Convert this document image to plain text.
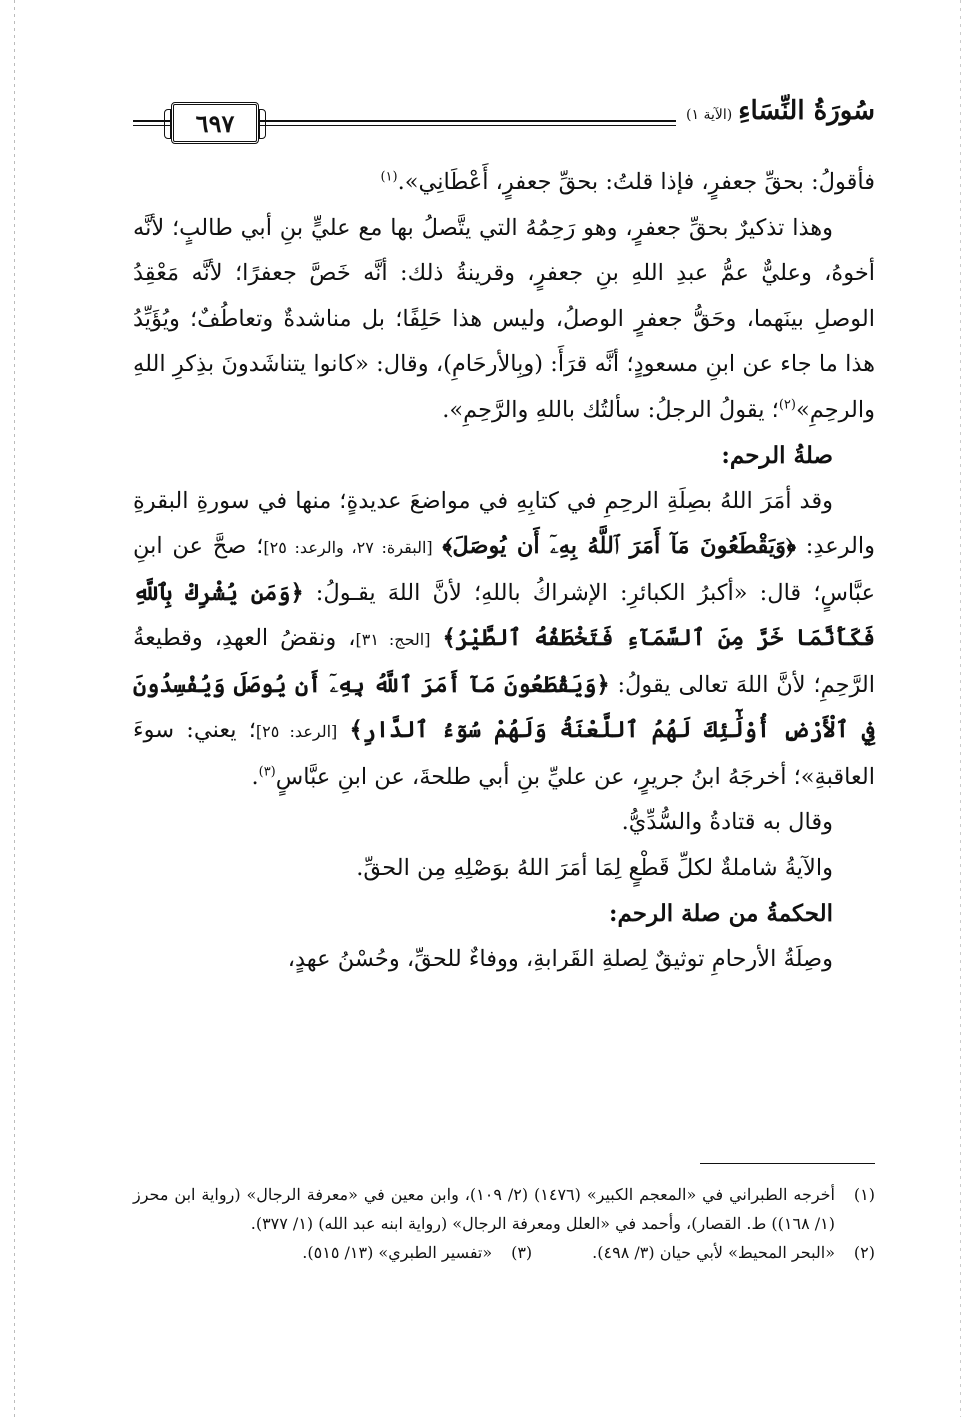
سُورَةُ النِّسَاءِ
(الآية ١)
٦٩٧

فأقولُ: بحقِّ جعفرٍ، فإذا قلتُ: بحقِّ جعفرٍ، أَعْطَانِي».$^{(١)}$

وهذا تذكيرٌ بحقِّ جعفرٍ، وهو رَحِمُهُ التي يتَّصلُ بها مع عليٍّ بنِ أبي طالبٍ؛ لأنَّه أخوهُ، وعليٌّ عمُّ عبدِ اللهِ بنِ جعفرٍ، وقرينةُ ذلك: أنَّه خَصَّ جعفرًا؛ لأنَّه مَعْقِدُ الوصلِ بينَهما، وحَقُّ جعفرٍ الوصلُ، وليس هذا حَلِفًا؛ بل مناشدةٌ وتعاطُفٌ؛ ويُؤَيِّدُ هذا ما جاء عن ابنِ مسعودٍ؛ أنَّه قرَأَ: (وبِالأرحَامِ)، وقال: «كانوا يتناشَدونَ بذِكرِ اللهِ والرحِمِ»$^{(٢)}$؛ يقولُ الرجلُ: سألتُك باللهِ والرَّحِمِ».

صلةُ الرحم:

وقد أمَرَ اللهُ بصِلَةِ الرحِمِ في كتابِهِ في مواضعَ عديدةٍ؛ منها في سورةِ البقرةِ والرعدِ: ﴿وَيَقْطَعُونَ مَآ أَمَرَ ٱللَّهُ بِهِۦٓ أَن يُوصَلَ﴾ [البقرة: ٢٧، والرعد: ٢٥]؛ صحَّ عن ابنِ عبَّاسٍ؛ قال: «أكبرُ الكبائرِ: الإشراكُ باللهِ؛ لأنَّ اللهَ يقـولُ: ﴿وَمَن يُشْرِكْ بِٱللَّهِ فَكَأَنَّمَا خَرَّ مِنَ ٱلسَّمَآءِ فَتَخْطَفُهُ ٱلطَّيْرُ﴾ [الحج: ٣١]، ونقضُ العهدِ، وقطيعةُ الرَّحِمِ؛ لأنَّ اللهَ تعالى يقولُ: ﴿وَيَقْطَعُونَ مَآ أَمَرَ ٱللَّهُ بِهِۦٓ أَن يُوصَلَ وَيُفْسِدُونَ فِي ٱلْأَرْضِ أُوْلَٰٓئِكَ لَهُمُ ٱللَّعْنَةُ وَلَهُمْ سُوٓءُ ٱلدَّارِ﴾ [الرعد: ٢٥]؛ يعني: سوءَ العاقبةِ»؛ أخرجَهُ ابنُ جريرٍ، عن عليِّ بنِ أبي طلحةَ، عن ابنِ عبَّاسٍ$^{(٣)}$.

وقال به قتادةُ والسُّدِّيُّ.

والآيةُ شاملةٌ لكلِّ قَطْعٍ لِمَا أمَرَ اللهُ بوَصْلِهِ مِن الحقِّ.

الحكمةُ من صلة الرحم:

وصِلَةُ الأرحامِ توثيقٌ لِصلةِ القَرابةِ، ووفاءٌ للحقِّ، وحُسْنُ عهدٍ،

(١)
أخرجه الطبراني في «المعجم الكبير» (١٤٧٦) (٢/ ١٠٩)، وابن معين في «معرفة الرجال» (رواية ابن محرز (١/ ١٦٨)) ط. القصار)، وأحمد في «العلل ومعرفة الرجال» (رواية ابنه عبد الله) (١/ ٣٧٧).

(٢)
«البحر المحيط» لأبي حيان (٣/ ٤٩٨).

(٣)
«تفسير الطبري» (١٣/ ٥١٥).
